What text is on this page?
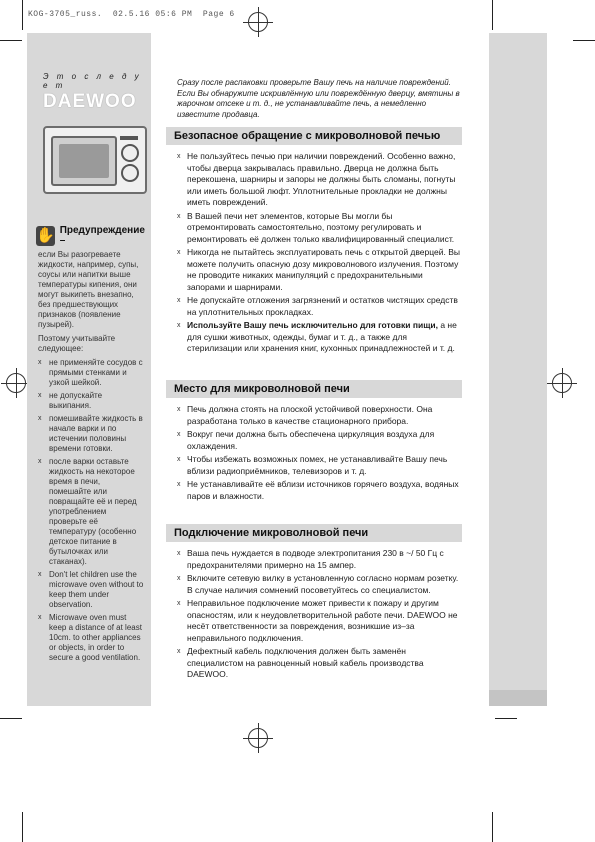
KOG-3705_russ.  02.5.16 05:6 PM  Page 6
Э т о с л е д у е т
DAEWOO
✋ Предупреждение –

если Вы разогреваете жидкости, например, супы, соусы или напитки выше температуры кипения, они могут выкипеть внезапно, без предшествующих признаков (появление пузырей).

Поэтому учитывайте следующее:

x не применяйте сосудов с прямыми стенками и узкой шейкой.
x не допускайте выкипания.
x помешивайте жидкость в начале варки и по истечении половины времени готовки.
x после варки оставьте жидкость на некоторое время в печи, помешайте или повращайте её и перед употреблением проверьте её температуру (особенно детское питание в бутылочках или стаканах).
x Don't let children use the microwave oven without to keep them under observation.
x Microwave oven must keep a distance of at least 10cm. to other appliances or objects, in order to secure a good ventilation.
Сразу после распаковки проверьте Вашу печь на наличие повреждений. Если Вы обнаружите искривлённую или повреждённую дверцу, вмятины в жарочном отсеке и т. д., не устанавливайте печь, а немедленно известите продавца.
Безопасное обращение с микроволновой печью
x Не пользуйтесь печью при наличии повреждений. Особенно важно, чтобы дверца закрывалась правильно. Дверца не должна быть перекошена, шарниры и запоры не должны быть сломаны, погнуты или иметь большой люфт. Уплотнительные прокладки не должны иметь повреждений.
x В Вашей печи нет элементов, которые Вы могли бы отремонтировать самостоятельно, поэтому регулировать и ремонтировать её должен только квалифицированный специалист.
x Никогда не пытайтесь эксплуатировать печь с открытой дверцей. Вы можете получить опасную дозу микроволнового излучения. Поэтому не проводите никаких манипуляций с предохранительными запорами и шарнирами.
x Не допускайте отложения загрязнений и остатков чистящих средств на уплотнительных прокладках.
x Используйте Вашу печь исключительно для готовки пищи, а не для сушки животных, одежды, бумаг и т. д., а также для стерилизации или хранения книг, кухонных принадлежностей и т. д.
Место для микроволновой печи
x Печь должна стоять на плоской устойчивой поверхности. Она разработана только в качестве стационарного прибора.
x Вокруг печи должна быть обеспечена циркуляция воздуха для охлаждения.
x Чтобы избежать возможных помех, не устанавливайте Вашу печь вблизи радиоприёмников, телевизоров и т. д.
x Не устанавливайте её вблизи источников горячего воздуха, водяных паров и влажности.
Подключение микроволновой печи
x Ваша печь нуждается в подводе электропитания 230 в ~/ 50 Гц с предохранителями примерно на 15 ампер.
x Включите сетевую вилку в установленную согласно нормам розетку. В случае наличия сомнений посоветуйтесь со специалистом.
x Неправильное подключение может привести к пожару и другим опасностям, или к неудовлетворительной работе печи. DAEWOO не несёт ответственности за повреждения, возникшие из–за неправильного подключения.
x Дефектный кабель подключения должен быть заменён специалистом на равноценный новый кабель производства DAEWOO.
